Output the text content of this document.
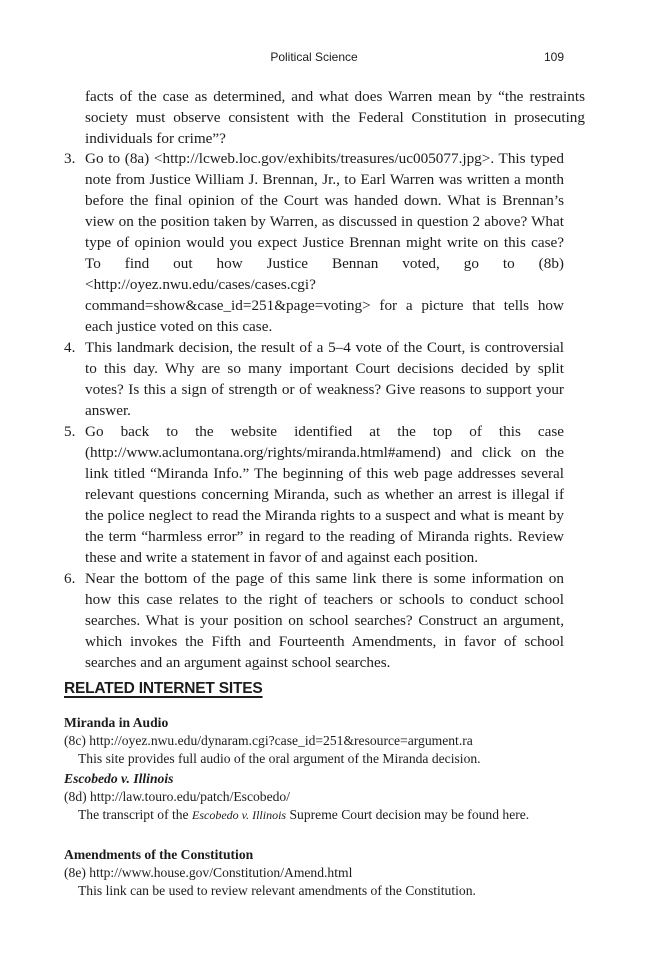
Political Science	109
facts of the case as determined, and what does Warren mean by “the restraints society must observe consistent with the Federal Constitution in prosecuting individuals for crime”?
3. Go to (8a) <http://lcweb.loc.gov/exhibits/treasures/uc005077.jpg>. This typed note from Justice William J. Brennan, Jr., to Earl Warren was written a month before the final opinion of the Court was handed down. What is Brennan’s view on the position taken by Warren, as discussed in question 2 above? What type of opinion would you expect Justice Brennan might write on this case? To find out how Justice Bennan voted, go to (8b) <http://oyez.nwu.edu/cases/cases.cgi?command=show&case_id=251&page=voting> for a picture that tells how each justice voted on this case.
4. This landmark decision, the result of a 5–4 vote of the Court, is controversial to this day. Why are so many important Court decisions decided by split votes? Is this a sign of strength or of weakness? Give reasons to support your answer.
5. Go back to the website identified at the top of this case (http://www.aclumontana.org/rights/miranda.html#amend) and click on the link titled “Miranda Info.” The beginning of this web page addresses several relevant questions concerning Miranda, such as whether an arrest is illegal if the police neglect to read the Miranda rights to a suspect and what is meant by the term “harmless error” in regard to the reading of Miranda rights. Review these and write a statement in favor of and against each position.
6. Near the bottom of the page of this same link there is some information on how this case relates to the right of teachers or schools to conduct school searches. What is your position on school searches? Construct an argument, which invokes the Fifth and Fourteenth Amendments, in favor of school searches and an argument against school searches.
RELATED INTERNET SITES
Miranda in Audio
(8c) http://oyez.nwu.edu/dynaram.cgi?case_id=251&resource=argument.ra
This site provides full audio of the oral argument of the Miranda decision.
Escobedo v. Illinois
(8d) http://law.touro.edu/patch/Escobedo/
The transcript of the Escobedo v. Illinois Supreme Court decision may be found here.
Amendments of the Constitution
(8e) http://www.house.gov/Constitution/Amend.html
This link can be used to review relevant amendments of the Constitution.
